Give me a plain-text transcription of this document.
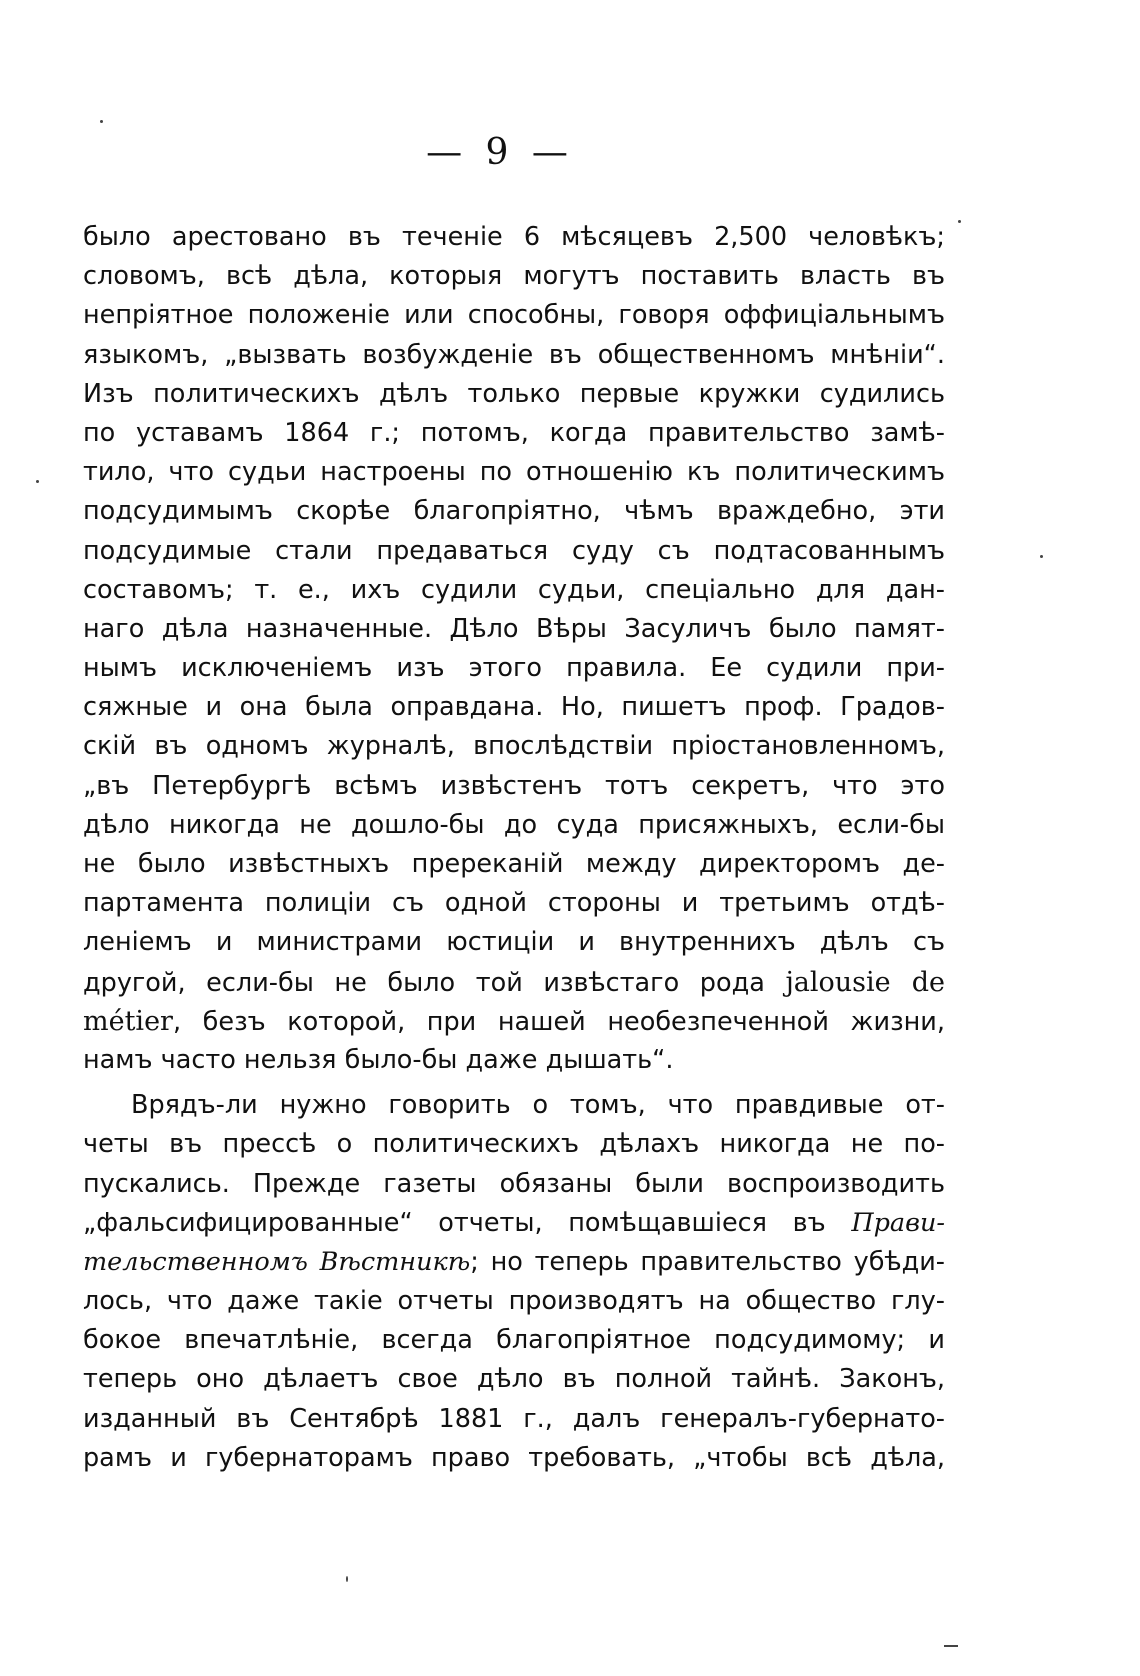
— 9 —
было арестовано въ теченіе 6 мѣсяцевъ 2,500 человѣкъ;
словомъ, всѣ дѣла, которыя могутъ поставить власть въ
непріятное положеніе или способны, говоря оффиціальнымъ
языкомъ, „вызвать возбужденіе въ общественномъ мнѣніи“.
Изъ политическихъ дѣлъ только первые кружки судились
по уставамъ 1864 г.; потомъ, когда правительство замѣ-
тило, что судьи настроены по отношенію къ политическимъ
подсудимымъ скорѣе благопріятно, чѣмъ враждебно, эти
подсудимые стали предаваться суду съ подтасованнымъ
составомъ; т. е., ихъ судили судьи, спеціально для дан-
наго дѣла назначенные. Дѣло Вѣры Засуличъ было памят-
нымъ исключеніемъ изъ этого правила. Ее судили при-
сяжные и она была оправдана. Но, пишетъ проф. Градов-
скій въ одномъ журналѣ, впослѣдствіи пріостановленномъ,
„въ Петербургѣ всѣмъ извѣстенъ тотъ секретъ, что это
дѣло никогда не дошло-бы до суда присяжныхъ, если-бы
не было извѣстныхъ пререканій между директоромъ де-
партамента полиціи съ одной стороны и третьимъ отдѣ-
леніемъ и министрами юстиціи и внутреннихъ дѣлъ съ
другой, если-бы не было той извѣстаго рода jalousie de
métier, безъ которой, при нашей необезпеченной жизни,
намъ часто нельзя было-бы даже дышать“.
Врядъ-ли нужно говорить о томъ, что правдивые от-
четы въ прессѣ о политическихъ дѣлахъ никогда не по-
пускались. Прежде газеты обязаны были воспроизводить
„фальсифицированные“ отчеты, помѣщавшіеся въ Прави-
тельственномъ Вѣстникѣ; но теперь правительство убѣди-
лось, что даже такіе отчеты производятъ на общество глу-
бокое впечатлѣніе, всегда благопріятное подсудимому; и
теперь оно дѣлаетъ свое дѣло въ полной тайнѣ. Законъ,
изданный въ Сентябрѣ 1881 г., далъ генералъ-губернато-
рамъ и губернаторамъ право требовать, „чтобы всѣ дѣла,
